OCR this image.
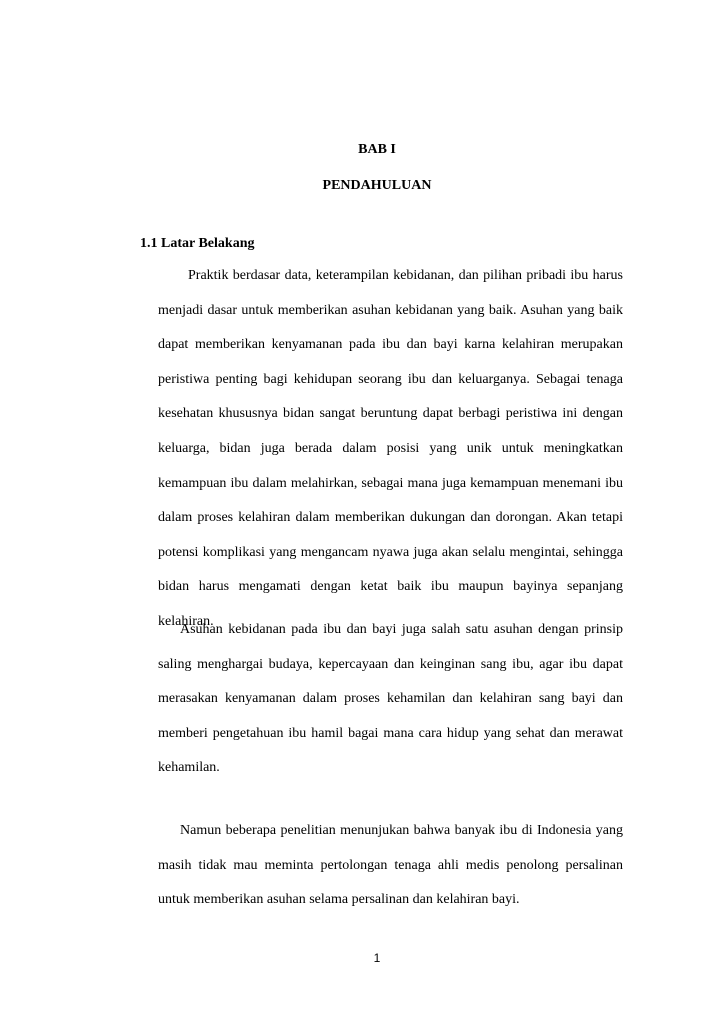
BAB I
PENDAHULUAN
1.1 Latar Belakang

Praktik berdasar data, keterampilan kebidanan, dan pilihan pribadi ibu harus menjadi dasar untuk memberikan asuhan kebidanan yang baik. Asuhan yang baik dapat memberikan kenyamanan pada ibu dan bayi karna kelahiran merupakan peristiwa penting bagi kehidupan seorang ibu dan keluarganya. Sebagai tenaga kesehatan khususnya bidan sangat beruntung dapat berbagi peristiwa ini dengan keluarga, bidan juga berada dalam posisi yang unik untuk meningkatkan kemampuan ibu dalam melahirkan, sebagai mana juga kemampuan menemani ibu dalam proses kelahiran dalam memberikan dukungan dan dorongan. Akan tetapi potensi komplikasi yang mengancam nyawa juga akan selalu mengintai, sehingga bidan harus mengamati dengan ketat baik ibu maupun bayinya sepanjang kelahiran.

Asuhan kebidanan pada ibu dan bayi juga salah satu asuhan dengan prinsip saling menghargai budaya, kepercayaan dan keinginan sang ibu, agar ibu dapat merasakan kenyamanan dalam proses kehamilan dan kelahiran sang bayi dan memberi pengetahuan ibu hamil bagai mana cara hidup yang sehat dan merawat kehamilan.

Namun beberapa penelitian menunjukan bahwa banyak ibu di Indonesia yang masih tidak mau meminta pertolongan tenaga ahli medis penolong persalinan untuk memberikan asuhan selama persalinan dan kelahiran bayi.

1
